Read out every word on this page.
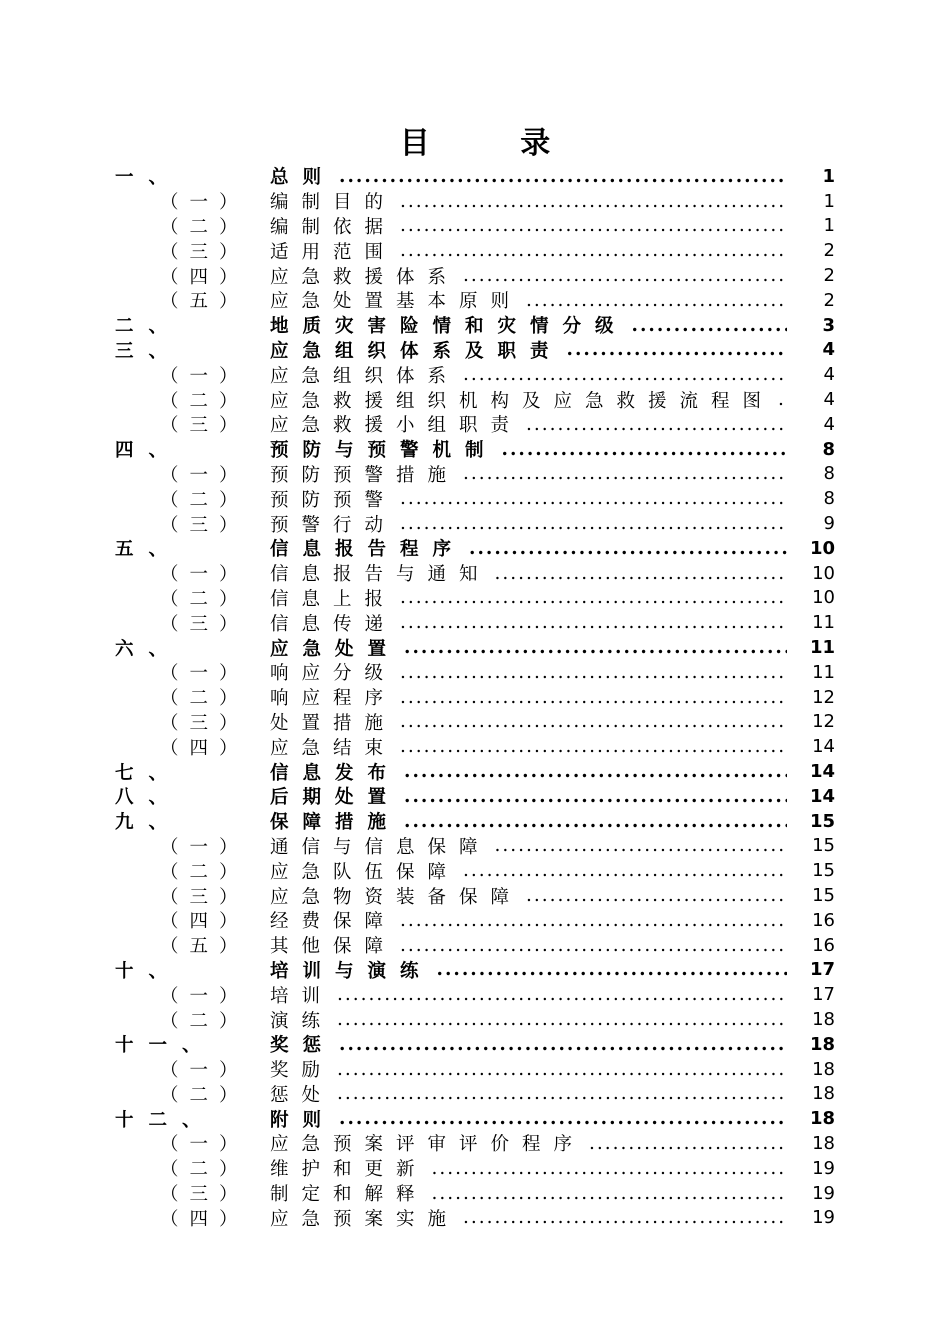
目 录
一、	总则 .....	1
（一）	编制目的 .....	1
（二）	编制依据 .....	1
（三）	适用范围 .....	2
（四）	应急救援体系 .....	2
（五）	应急处置基本原则 .....	2
二、	地质灾害险情和灾情分级 .....	3
三、	应急组织体系及职责 .....	4
（一）	应急组织体系 .....	4
（二）	应急救援组织机构及应急救援流程图 .....	4
（三）	应急救援小组职责 .....	4
四、	预防与预警机制 .....	8
（一）	预防预警措施 .....	8
（二）	预防预警 .....	8
（三）	预警行动 .....	9
五、	信息报告程序 .....	10
（一）	信息报告与通知 .....	10
（二）	信息上报 .....	10
（三）	信息传递 .....	11
六、	应急处置 .....	11
（一）	响应分级 .....	11
（二）	响应程序 .....	12
（三）	处置措施 .....	12
（四）	应急结束 .....	14
七、	信息发布 .....	14
八、	后期处置 .....	14
九、	保障措施 .....	15
（一）	通信与信息保障 .....	15
（二）	应急队伍保障 .....	15
（三）	应急物资装备保障 .....	15
（四）	经费保障 .....	16
（五）	其他保障 .....	16
十、	培训与演练 .....	17
（一）	培训 .....	17
（二）	演练 .....	18
十一、	奖惩 .....	18
（一）	奖励 .....	18
（二）	惩处 .....	18
十二、	附则 .....	18
（一）	应急预案评审评价程序 .....	18
（二）	维护和更新 .....	19
（三）	制定和解释 .....	19
（四）	应急预案实施 .....	19
